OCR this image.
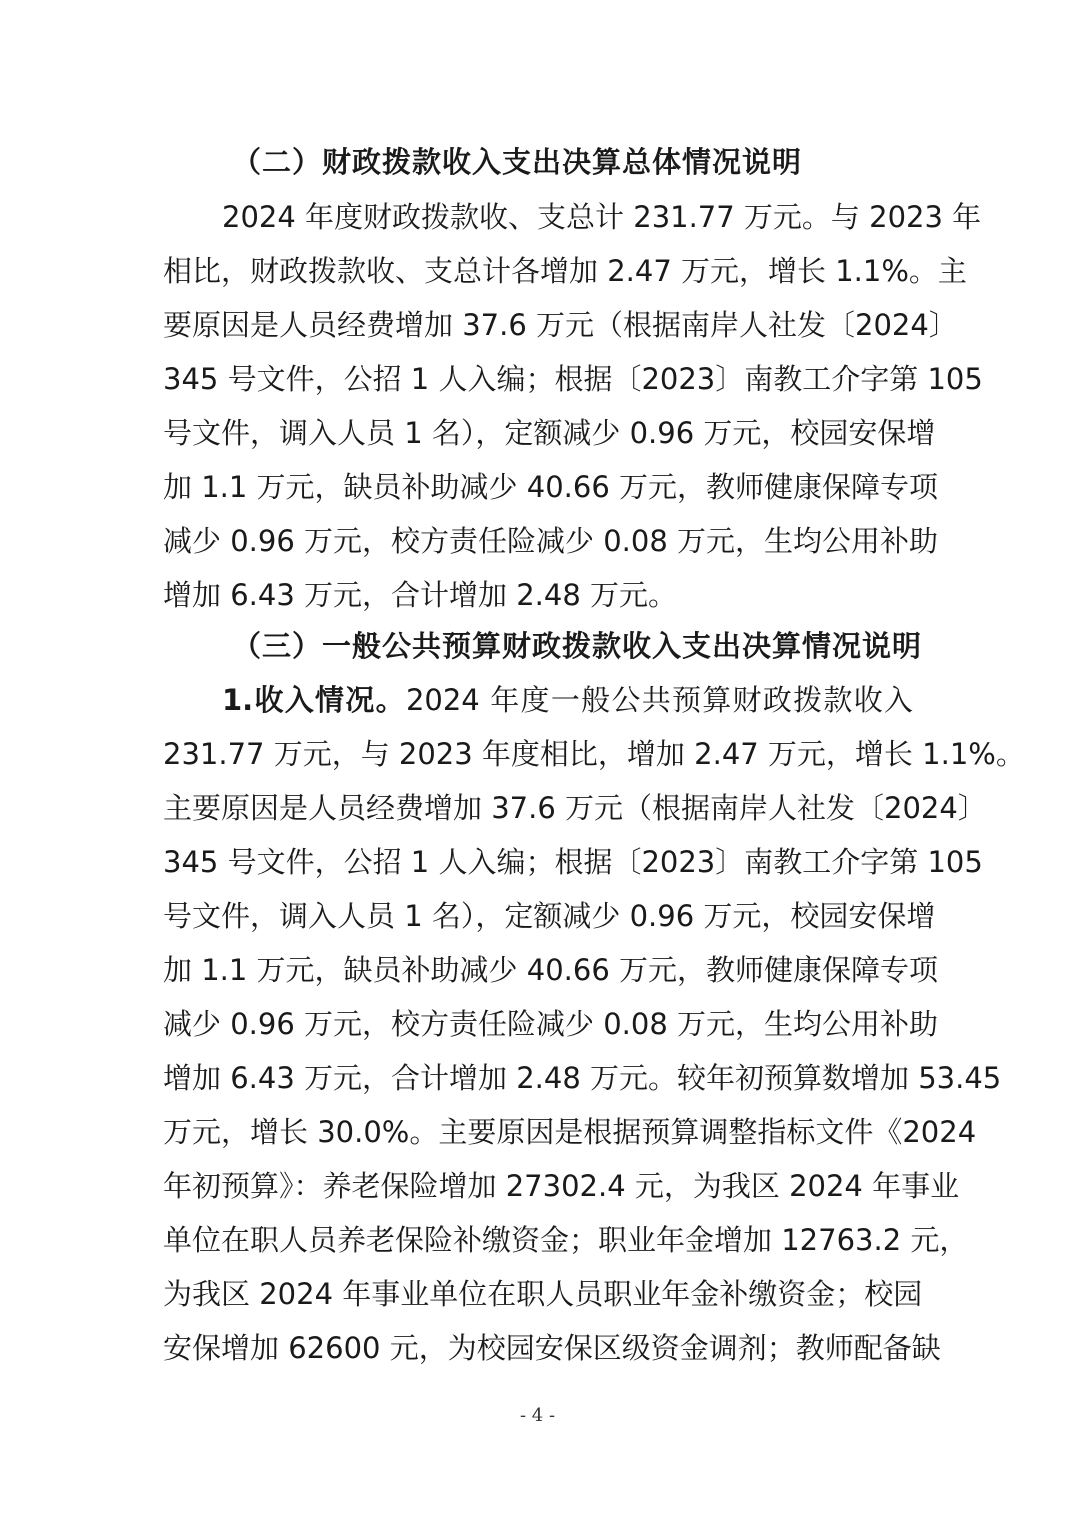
（二）财政拨款收入支出决算总体情况说明
2024 年度财政拨款收、支总计 231.77 万元。与 2023 年
相比，财政拨款收、支总计各增加 2.47 万元，增长 1.1%。主
要原因是人员经费增加 37.6 万元（根据南岸人社发〔2024〕
345 号文件，公招 1 人入编；根据〔2023〕南教工介字第 105
号文件，调入人员 1 名），定额减少 0.96 万元，校园安保增
加 1.1 万元，缺员补助减少 40.66 万元，教师健康保障专项
减少 0.96 万元，校方责任险减少 0.08 万元，生均公用补助
增加 6.43 万元，合计增加 2.48 万元。
（三）一般公共预算财政拨款收入支出决算情况说明
1.收入情况。2024 年度一般公共预算财政拨款收入
231.77 万元，与 2023 年度相比，增加 2.47 万元，增长 1.1%。
主要原因是人员经费增加 37.6 万元（根据南岸人社发〔2024〕
345 号文件，公招 1 人入编；根据〔2023〕南教工介字第 105
号文件，调入人员 1 名），定额减少 0.96 万元，校园安保增
加 1.1 万元，缺员补助减少 40.66 万元，教师健康保障专项
减少 0.96 万元，校方责任险减少 0.08 万元，生均公用补助
增加 6.43 万元，合计增加 2.48 万元。较年初预算数增加 53.45
万元，增长 30.0%。主要原因是根据预算调整指标文件《2024
年初预算》：养老保险增加 27302.4 元，为我区 2024 年事业
单位在职人员养老保险补缴资金；职业年金增加 12763.2 元，
为我区 2024 年事业单位在职人员职业年金补缴资金；校园
安保增加 62600 元，为校园安保区级资金调剂；教师配备缺
- 4 -
